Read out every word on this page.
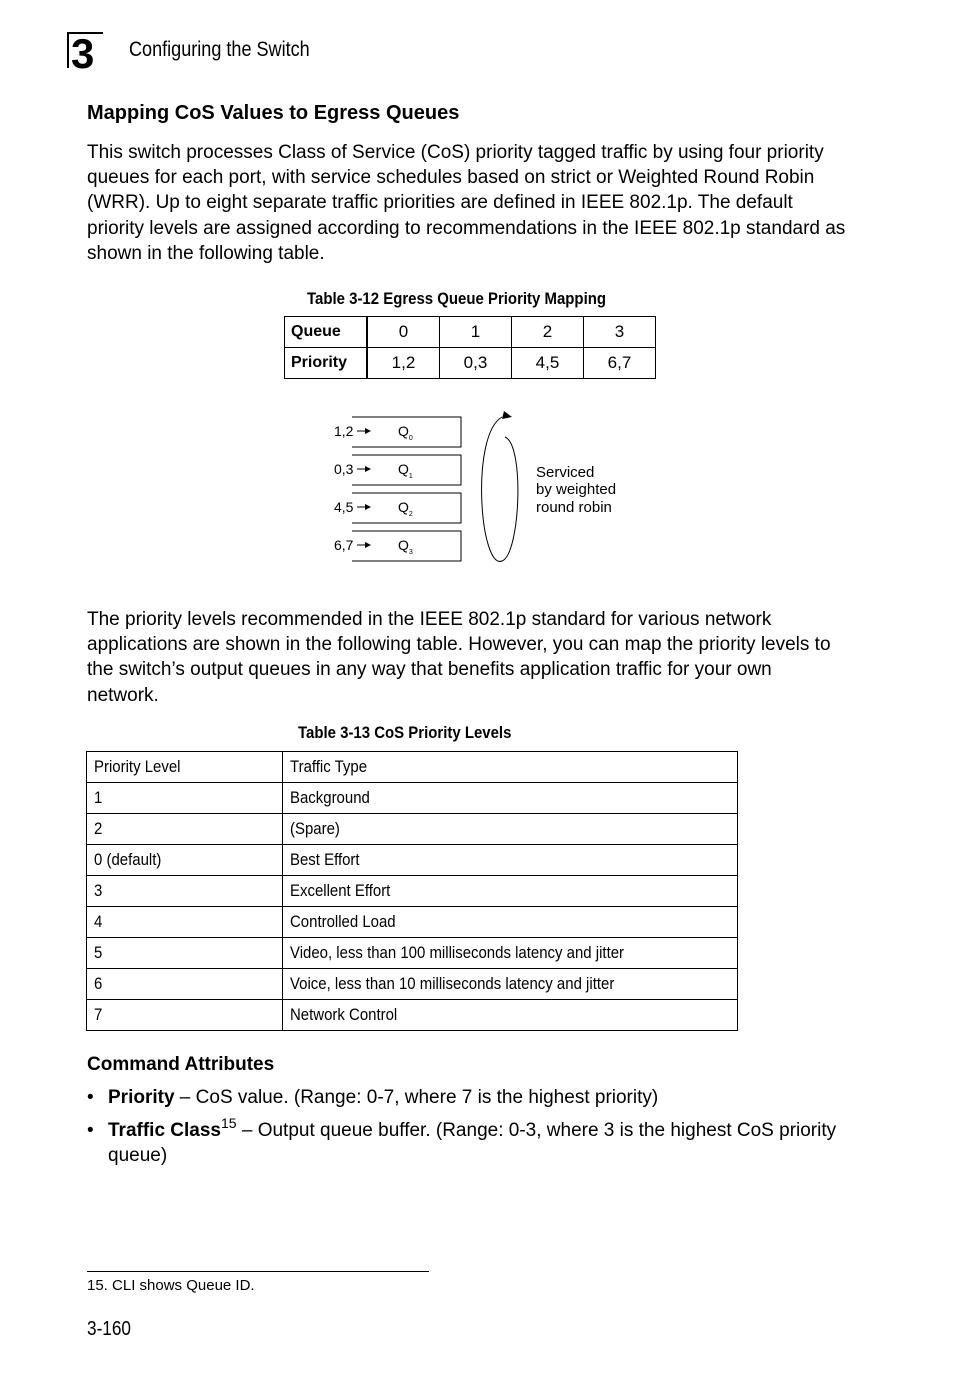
3	Configuring the Switch
Mapping CoS Values to Egress Queues
This switch processes Class of Service (CoS) priority tagged traffic by using four priority queues for each port, with service schedules based on strict or Weighted Round Robin (WRR). Up to eight separate traffic priorities are defined in IEEE 802.1p. The default priority levels are assigned according to recommendations in the IEEE 802.1p standard as shown in the following table.
Table 3-12 Egress Queue Priority Mapping
Queue	0	1	2	3
Priority	1,2	0,3	4,5	6,7
1,2	$Q_0$
0,3	$Q_1$
4,5	$Q_2$
6,7	$Q_3$
Serviced
by weighted
round robin
The priority levels recommended in the IEEE 802.1p standard for various network applications are shown in the following table. However, you can map the priority levels to the switch’s output queues in any way that benefits application traffic for your own network.
Table 3-13 CoS Priority Levels
Priority Level	Traffic Type
1	Background
2	(Spare)
0 (default)	Best Effort
3	Excellent Effort
4	Controlled Load
5	Video, less than 100 milliseconds latency and jitter
6	Voice, less than 10 milliseconds latency and jitter
7	Network Control
Command Attributes
• Priority – CoS value. (Range: 0-7, where 7 is the highest priority)
• Traffic Class$^{15}$ – Output queue buffer. (Range: 0-3, where 3 is the highest CoS priority queue)
15. CLI shows Queue ID.
3-160
